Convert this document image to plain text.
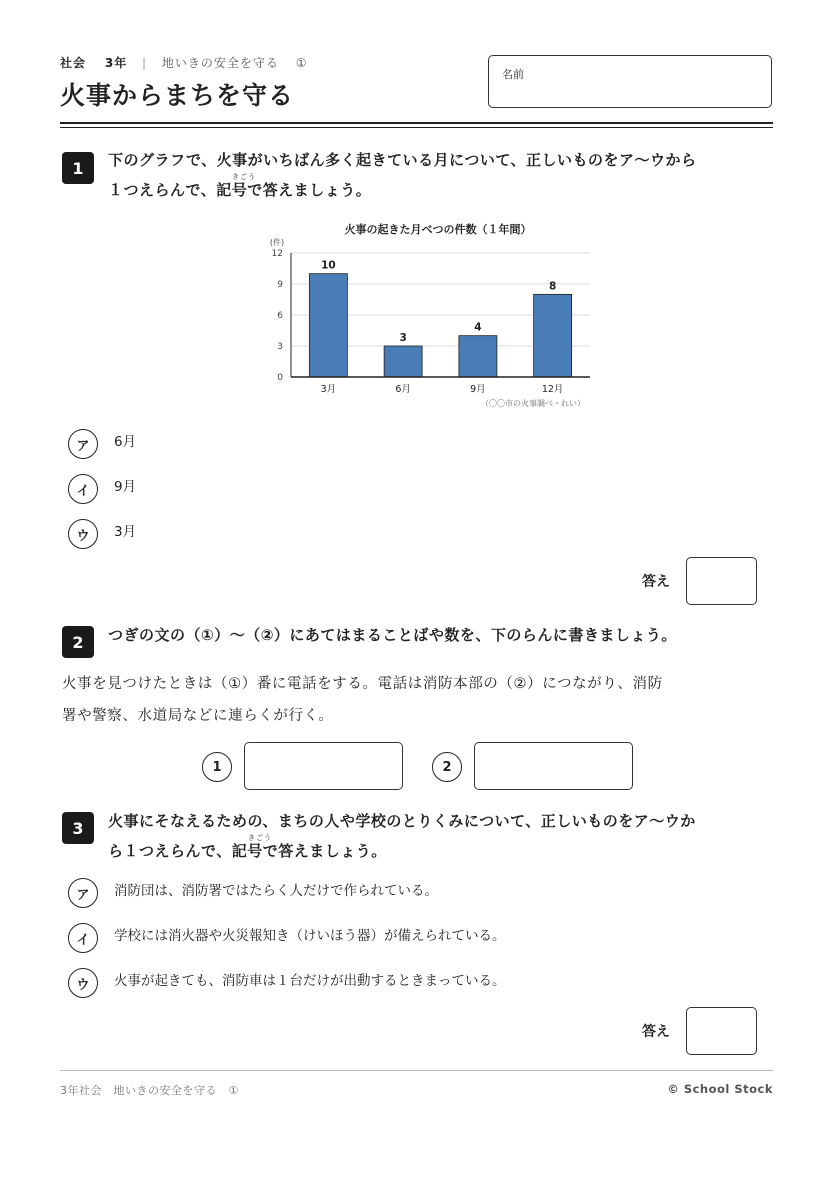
社会 3年 | 地いきの安全を守る ①
火事からまちを守る
名前
1	下のグラフで、火事がいちばん多く起きている月について、正しいものをア～ウから
１つえらんで、記号で答えましょう。
きごう
火事の起きた月べつの件数（１年間）
(件)
0
3
6
9
12
10
3
4
8
3月	6月	9月	12月
（〇〇市の火事調べ・れい）
ア	6月
イ	9月
ウ	3月
答え
2	つぎの文の（①）～（②）にあてはまることばや数を、下のらんに書きましょう。
火事を見つけたときは（①）番に電話をする。電話は消防本部の（②）につながり、消防
署や警察、水道局などに連らくが行く。
1	2
3	火事にそなえるための、まちの人や学校のとりくみについて、正しいものをア～ウか
ら１つえらんで、記号で答えましょう。
きごう
ア	消防団は、消防署ではたらく人だけで作られている。
イ	学校には消火器や火災報知き（けいほう器）が備えられている。
ウ	火事が起きても、消防車は１台だけが出動するときまっている。
答え
3年社会　地いきの安全を守る　①	© School Stock
